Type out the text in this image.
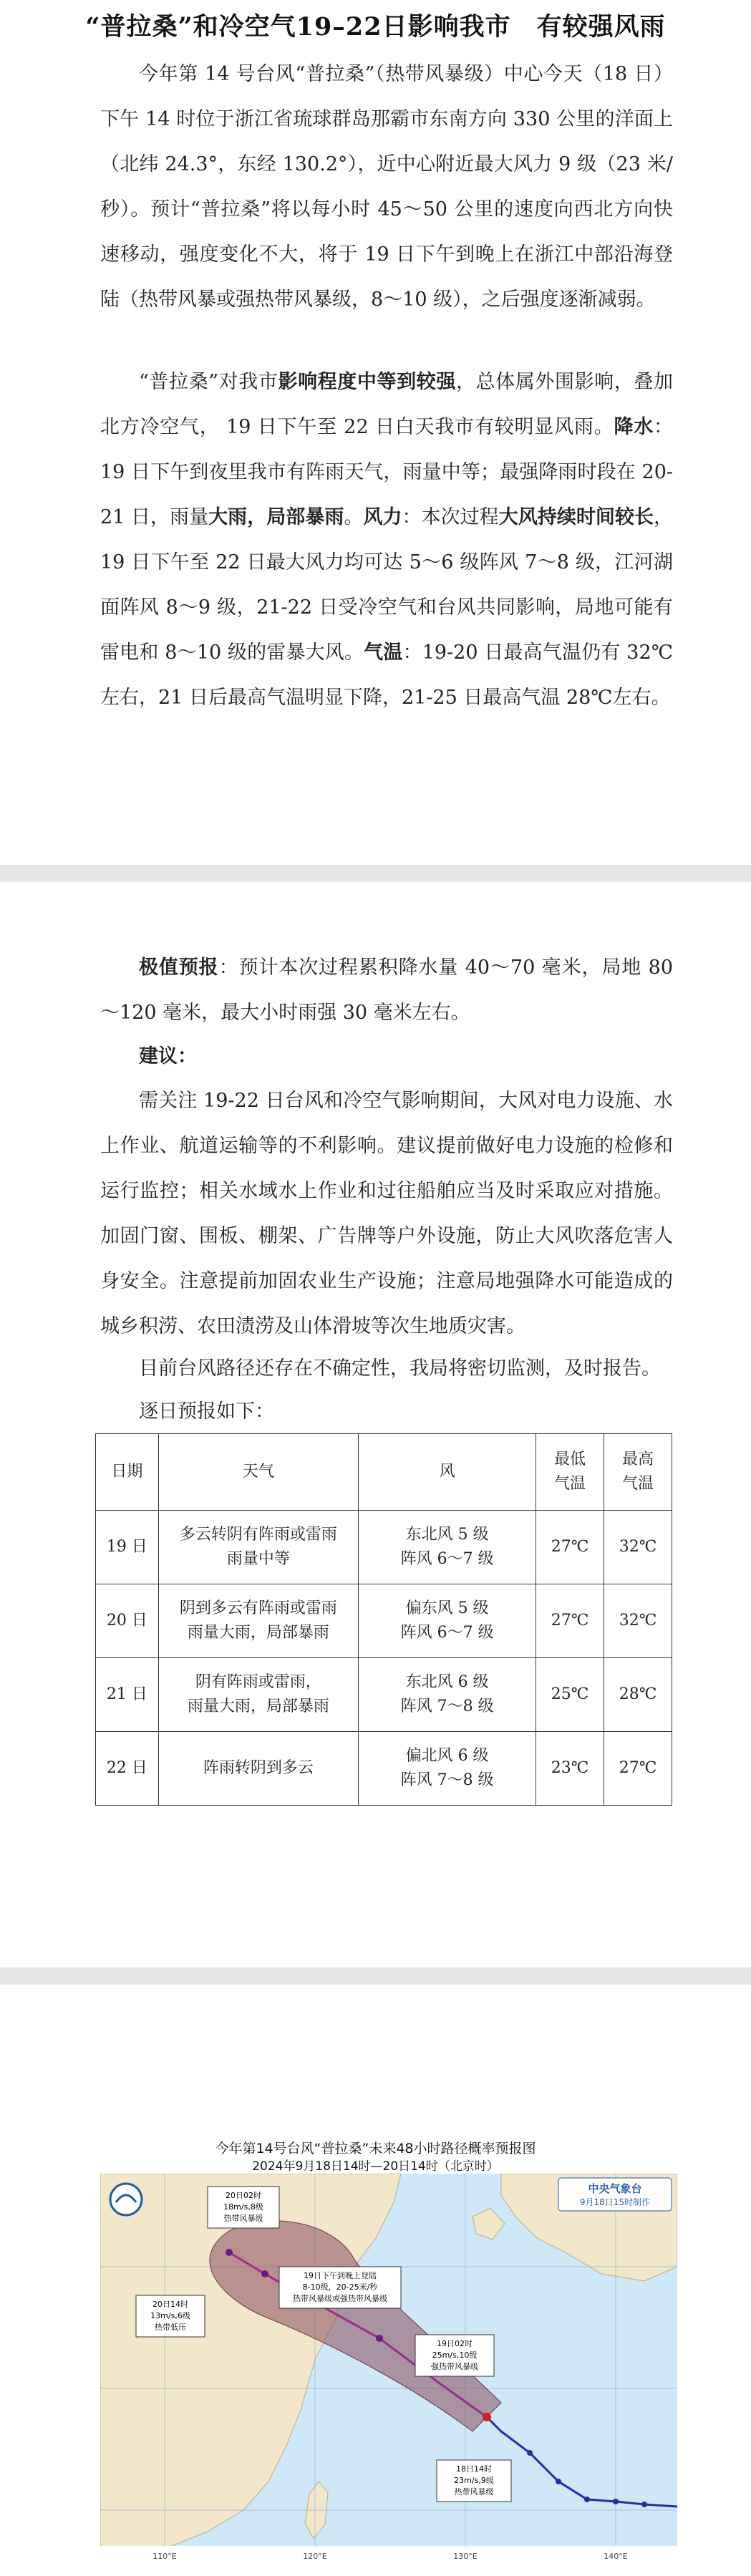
“普拉桑”和冷空气19–22日影响我市　有较强风雨

今年第 14 号台风“普拉桑”（热带风暴级）中心今天（18 日）下午 14 时位于浙江省琉球群岛那霸市东南方向 330 公里的洋面上（北纬 24.3°，东经 130.2°），近中心附近最大风力 9 级（23 米/秒）。预计“普拉桑”将以每小时 45～50 公里的速度向西北方向快速移动，强度变化不大，将于 19 日下午到晚上在浙江中部沿海登陆（热带风暴或强热带风暴级，8～10 级），之后强度逐渐减弱。

“普拉桑”对我市影响程度中等到较强，总体属外围影响，叠加北方冷空气， 19 日下午至 22 日白天我市有较明显风雨。降水：19 日下午到夜里我市有阵雨天气，雨量中等；最强降雨时段在 20-21 日，雨量大雨，局部暴雨。风力：本次过程大风持续时间较长，19 日下午至 22 日最大风力均可达 5～6 级阵风 7～8 级，江河湖面阵风 8～9 级，21-22 日受冷空气和台风共同影响，局地可能有雷电和 8～10 级的雷暴大风。气温：19-20 日最高气温仍有 32℃左右，21 日后最高气温明显下降，21-25 日最高气温 28℃左右。

极值预报：预计本次过程累积降水量 40～70 毫米，局地 80～120 毫米，最大小时雨强 30 毫米左右。

建议：

需关注 19-22 日台风和冷空气影响期间，大风对电力设施、水上作业、航道运输等的不利影响。建议提前做好电力设施的检修和运行监控；相关水域水上作业和过往船舶应当及时采取应对措施。加固门窗、围板、棚架、广告牌等户外设施，防止大风吹落危害人身安全。注意提前加固农业生产设施；注意局地强降水可能造成的城乡积涝、农田渍涝及山体滑坡等次生地质灾害。

目前台风路径还存在不确定性，我局将密切监测，及时报告。

逐日预报如下：

日期	天气	风	最低
气温	最高
气温
19 日	多云转阴有阵雨或雷雨
雨量中等	东北风 5 级
阵风 6～7 级	27℃	32℃
20 日	阴到多云有阵雨或雷雨
雨量大雨，局部暴雨	偏东风 5 级
阵风 6～7 级	27℃	32℃
21 日	阴有阵雨或雷雨，
雨量大雨，局部暴雨	东北风 6 级
阵风 7～8 级	25℃	28℃
22 日	阵雨转阴到多云	偏北风 6 级
阵风 7～8 级	23℃	27℃
今年第14号台风“普拉桑”未来48小时路径概率预报图
2024年9月18日14时—20日14时（北京时）
中央气象台
9月18日15时制作
20日02时
18m/s,8级
热带风暴级
19日下午到晚上登陆
8-10级，20-25米/秒
热带风暴级或强热带风暴级
19日02时
25m/s,10级
强热带风暴级
20日14时
13m/s,6级
热带低压
18日14时
23m/s,9级
热带风暴级
110°E	120°E	130°E	140°E
